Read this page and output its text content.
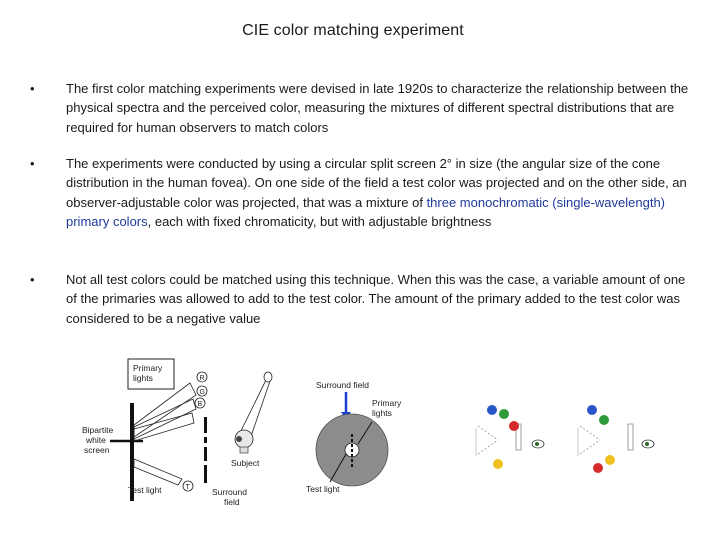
CIE color matching experiment
• The first color matching experiments were devised in late 1920s to characterize the relationship between the physical spectra and the perceived color, measuring the mixtures of different spectral distributions that are required for human observers to match colors
• The experiments were conducted by using a circular split screen 2° in size (the angular size of the cone distribution in the human fovea). On one side of the field a test color was projected and on the other side, an observer-adjustable color was projected, that was a mixture of three monochromatic (single-wavelength) primary colors, each with fixed chromaticity, but with adjustable brightness
• Not all test colors could be matched using this technique. When this was the case, a variable amount of one of the primaries was allowed to add to the test color. The amount of the primary added to the test color was considered to be a negative value
Primary lights	R
G
B
T
Bipartite white screen
Subject
Test light	Surround field
Surround field
Primary lights
Test light
